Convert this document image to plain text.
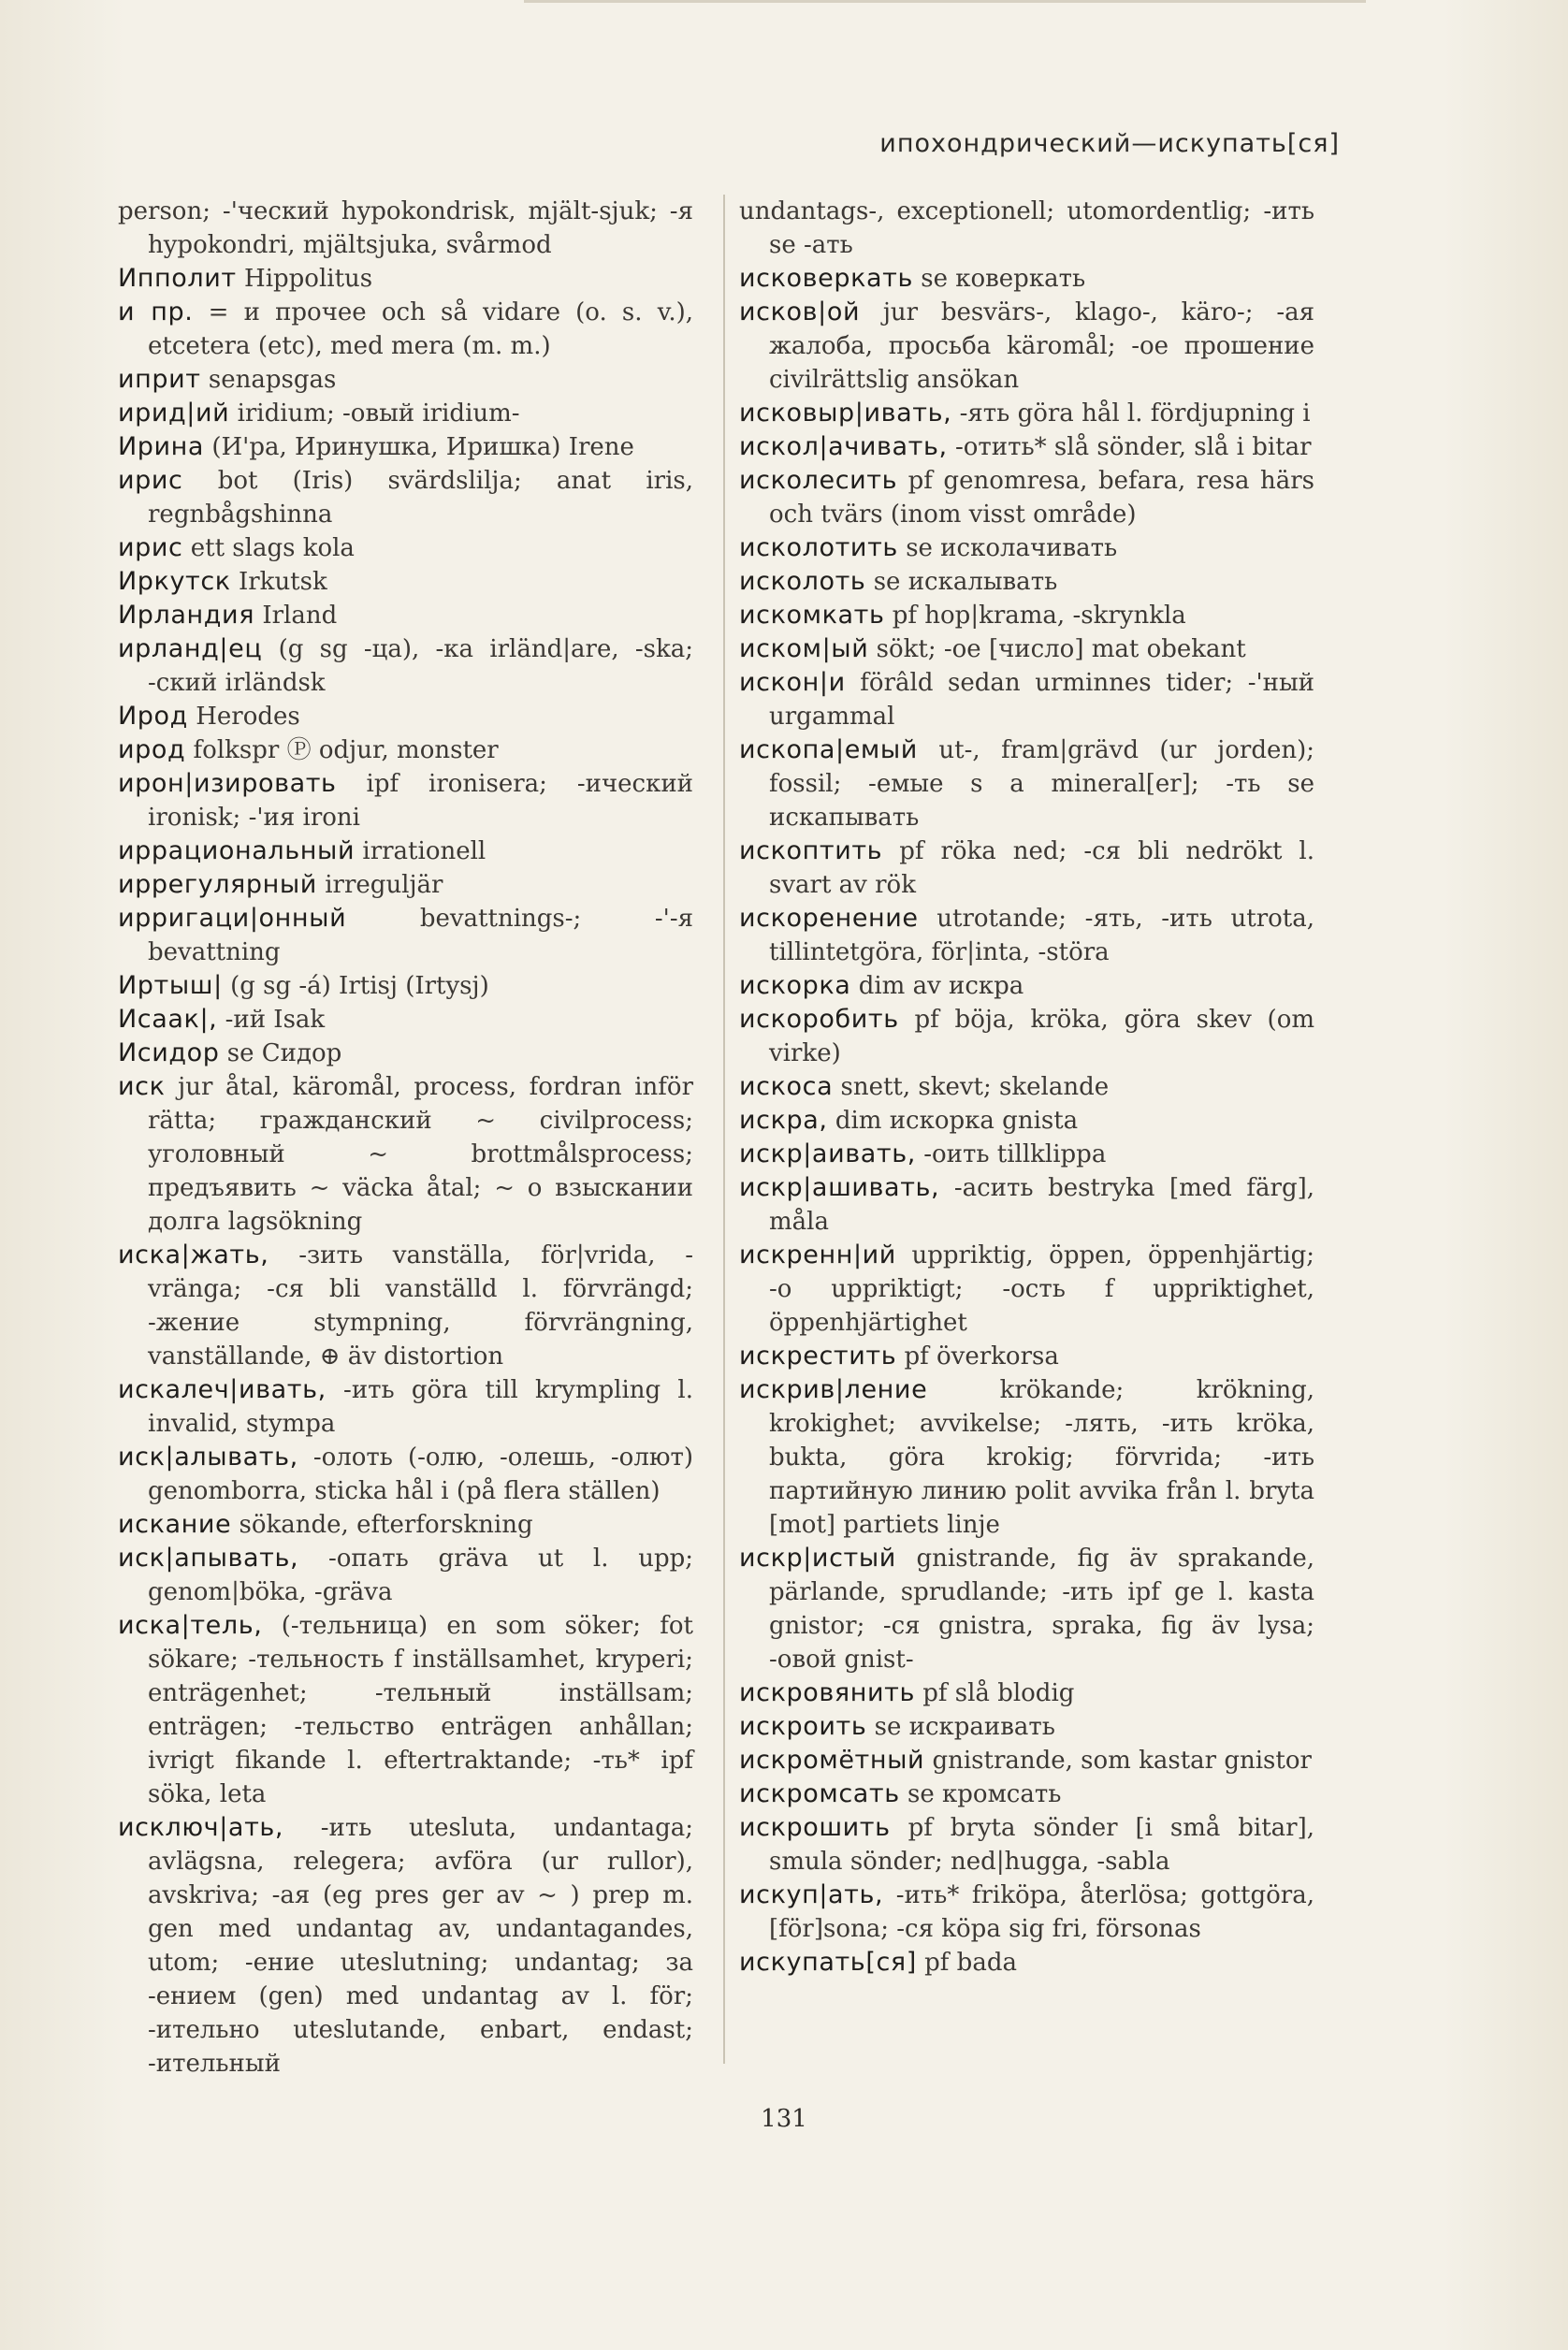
ипохондрический—искупать[ся]

person; -'ческий hypokondrisk, mjält-sjuk; -я hypokondri, mjältsjuka, svårmod

Ипполит Hippolitus

и пр. = и прочее och så vidare (o. s. v.), etcetera (etc), med mera (m. m.)

иприт senapsgas

ирид|ий iridium; -овый iridium-

Ирина (И'ра, Иринушка, Иришка) Irene

ирис bot (Iris) svärdslilja; anat iris, regnbågshinna

ирис ett slags kola

Иркутск Irkutsk

Ирландия Irland

ирланд|ец (g sg -ца), -ка irländ|are, -ska; -ский irländsk

Ирод Herodes

ирод folkspr Ⓟ odjur, monster

ирон|изировать ipf ironisera; -ический ironisk; -'ия ironi

иррациональный irrationell

иррегулярный irreguljär

ирригаци|онный	bevattnings-; -'-я bevattning

Иртыш| (g sg -á) Irtisj (Irtysj)

Исаак|, -ий Isak

Исидор se Сидор

иск jur åtal, käromål, process, fordran inför rätta; гражданский ~ civilprocess; уголовный ~ brottmålsprocess; предъявить ~ väcka åtal; ~ о взыскании долга lagsökning

иска|жать, -зить vanställa, för|vrida, -vränga; -ся bli vanställd l. förvrängd; -жение stympning, förvrängning, vanställande, ⊕ äv distortion

искалеч|ивать, -ить göra till krympling l. invalid, stympa

иск|алывать, -олоть (-олю, -олешь, -олют) genomborra, sticka hål i (på flera ställen)

искание sökande, efterforskning

иск|апывать, -опать gräva ut l. upp; genom|böka, -gräva

иска|тель, (-тельница) en som söker; fot sökare; -тельность f inställsamhet, kryperi; enträgenhet; -тельный inställsam; enträgen; -тельство enträgen anhållan; ivrigt fikande l. eftertraktande; -ть* ipf söka, leta

исключ|ать, -ить utesluta, undantaga; avlägsna, relegera; avföra (ur rullor), avskriva; -ая (eg pres ger av ~ ) prep m. gen med undantag av, undantagandes, utom; -ение uteslutning; undantag; за -ением (gen) med undantag av l. för; -ительно uteslutande, enbart, endast; -ительный

undantags-, exceptionell; utomordentlig; -ить se -ать

исковеркать se коверкать

исков|ой jur besvärs-, klago-, käro-; -ая жалоба, просьба käromål; -ое прошение civilrättslig ansökan

исковыр|ивать, -ять göra hål l. fördjupning i

искол|ачивать, -отить* slå sönder, slå i bitar

исколесить pf genomresa, befara, resa härs och tvärs (inom visst område)

исколотить se исколачивать

исколоть se искалывать

искомкать pf hop|krama, -skrynkla

иском|ый sökt; -ое [число] mat obekant

искон|и förâld sedan urminnes tider; -'ный urgammal

ископа|емый ut-, fram|grävd (ur jorden); fossil; -емые s a mineral[er]; -ть se искапывать

ископтить pf röka ned; -ся bli nedrökt l. svart av rök

искоренение utrotande; -ять, -ить utrota, tillintetgöra, för|inta, -störa

искорка dim av искра

искоробить pf böja, kröka, göra skev (om virke)

искоса snett, skevt; skelande

искра, dim искорка gnista

искр|аивать, -оить tillklippa

искр|ашивать, -асить bestryka [med färg], måla

искренн|ий uppriktig, öppen, öppenhjärtig; -о uppriktigt; -ость f uppriktighet, öppenhjärtighet

искрестить pf överkorsa

искрив|ление	krökande; krökning, krokighet; avvikelse; -лять, -ить kröka, bukta, göra krokig; förvrida; -ить партийную линию polit avvika från l. bryta [mot] partiets linje

искр|истый gnistrande, fig äv sprakande, pärlande, sprudlande; -ить ipf ge l. kasta gnistor; -ся gnistra, spraka, fig äv lysa; -овой gnist-

искровянить pf slå blodig

искроить se искраивать

искромётный gnistrande, som kastar gnistor

искромсать se кромсать

искрошить pf bryta sönder [i små bitar], smula sönder; ned|hugga, -sabla

искуп|ать, -ить* friköpa, återlösa; gottgöra, [för]sona; -ся köpa sig fri, försonas

искупать[ся] pf bada

131
